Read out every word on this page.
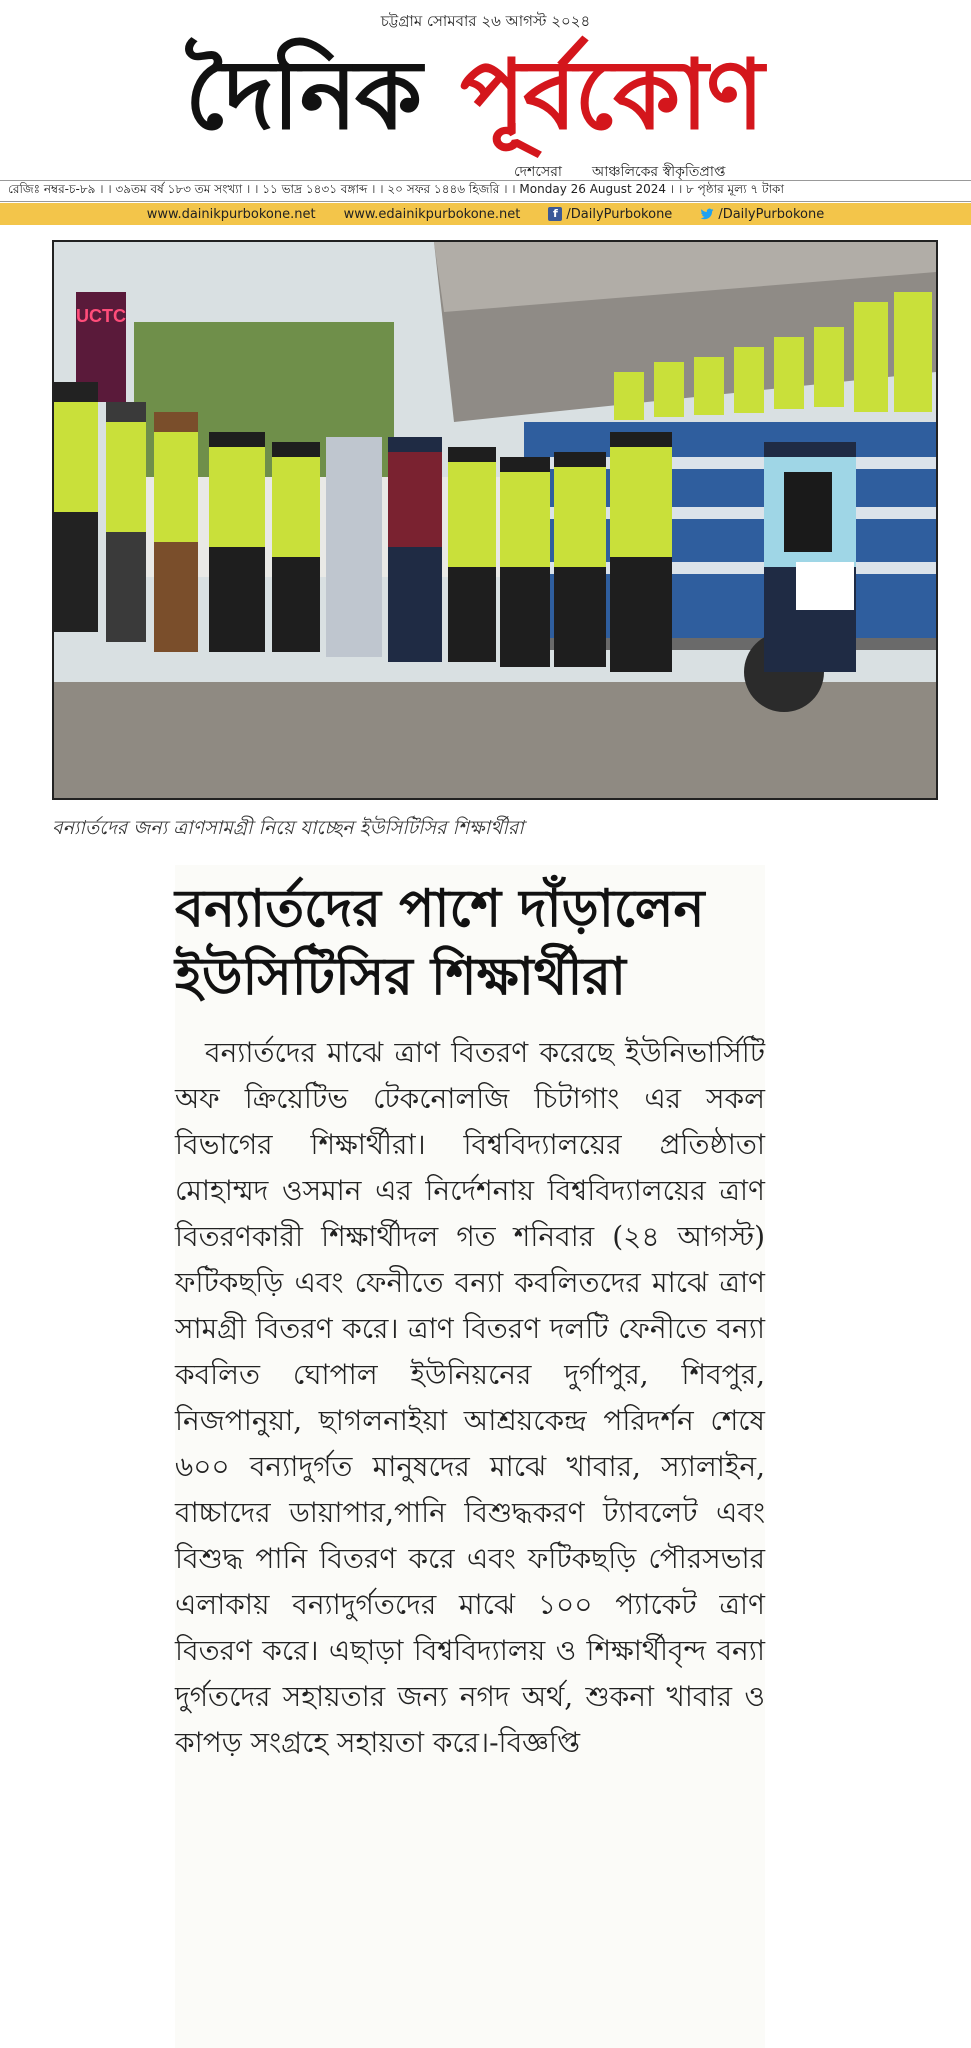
চট্টগ্রাম সোমবার ২৬ আগস্ট ২০২৪
দৈনিক পূর্বকোণ
দেশসেরা আঞ্চলিকের স্বীকৃতিপ্রাপ্ত
রেজিঃ নম্বর-চ-৮৯ । । ৩৯তম বর্ষ ১৮৩ তম সংখ্যা । । ১১ ভাদ্র ১৪৩১ বঙ্গাব্দ । । ২০ সফর ১৪৪৬ হিজরি । । Monday 26 August 2024 । । ৮ পৃষ্ঠার মূল্য ৭ টাকা
www.dainikpurbokone.net www.edainikpurbokone.net	f /DailyPurbokone	/DailyPurbokone
UCTC
বন্যার্তদের জন্য ত্রাণসামগ্রী নিয়ে যাচ্ছেন ইউসিটিসির শিক্ষার্থীরা
বন্যার্তদের পাশে দাঁড়ালেন
ইউসিটিসির শিক্ষার্থীরা

বন্যার্তদের মাঝে ত্রাণ বিতরণ করেছে ইউনিভার্সিটি অফ ক্রিয়েটিভ টেকনোলজি চিটাগাং এর সকল বিভাগের শিক্ষার্থীরা। বিশ্ববিদ্যালয়ের প্রতিষ্ঠাতা মোহাম্মদ ওসমান এর নির্দেশনায় বিশ্ববিদ্যালয়ের ত্রাণ বিতরণকারী শিক্ষার্থীদল গত শনিবার (২৪ আগস্ট) ফটিকছড়ি এবং ফেনীতে বন্যা কবলিতদের মাঝে ত্রাণ সামগ্রী বিতরণ করে। ত্রাণ বিতরণ দলটি ফেনীতে বন্যা কবলিত ঘোপাল ইউনিয়নের দুর্গাপুর, শিবপুর, নিজপানুয়া, ছাগলনাইয়া আশ্রয়কেন্দ্র পরিদর্শন শেষে ৬০০ বন্যাদুর্গত মানুষদের মাঝে খাবার, স্যালাইন, বাচ্চাদের ডায়াপার,পানি বিশুদ্ধকরণ ট্যাবলেট এবং বিশুদ্ধ পানি বিতরণ করে এবং ফটিকছড়ি পৌরসভার এলাকায় বন্যাদুর্গতদের মাঝে ১০০ প্যাকেট ত্রাণ বিতরণ করে। এছাড়া বিশ্ববিদ্যালয় ও শিক্ষার্থীবৃন্দ বন্যা দুর্গতদের সহায়তার জন্য নগদ অর্থ, শুকনা খাবার ও কাপড় সংগ্রহে সহায়তা করে।-বিজ্ঞপ্তি
